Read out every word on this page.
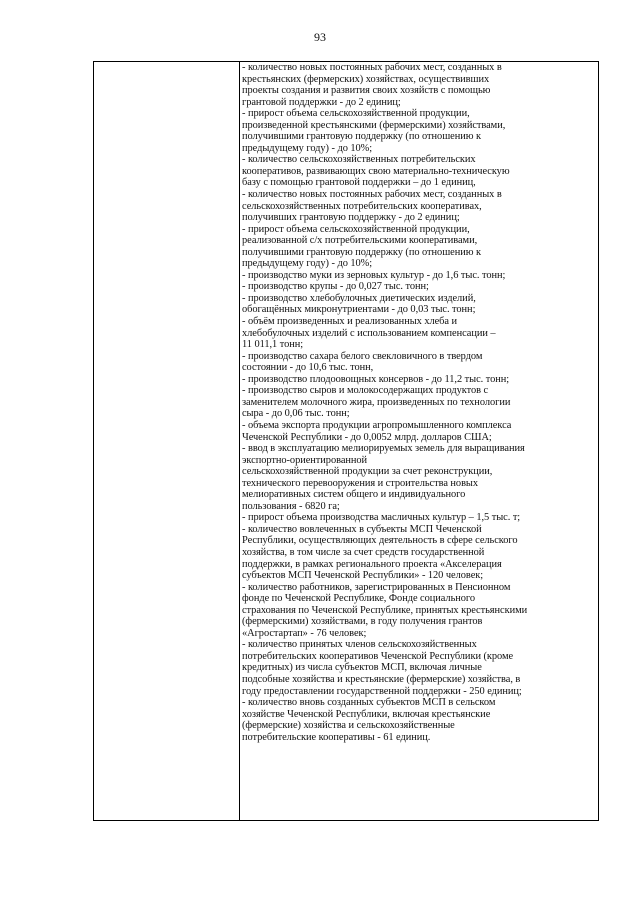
93
- количество новых постоянных рабочих мест, созданных в
крестьянских (фермерских) хозяйствах, осуществивших
проекты создания и развития своих хозяйств с помощью
грантовой поддержки - до 2 единиц;
- прирост объема сельскохозяйственной продукции,
произведенной крестьянскими (фермерскими) хозяйствами,
получившими грантовую поддержку (по отношению к
предыдущему году) - до 10%;
- количество сельскохозяйственных потребительских
кооперативов, развивающих свою материально-техническую
базу с помощью грантовой поддержки – до 1 единиц,
- количество новых постоянных рабочих мест, созданных в
сельскохозяйственных потребительских кооперативах,
получивших грантовую поддержку - до 2 единиц;
- прирост объема сельскохозяйственной продукции,
реализованной с/х потребительскими кооперативами,
получившими грантовую поддержку (по отношению к
предыдущему году) - до 10%;
- производство муки из зерновых культур - до 1,6 тыс. тонн;
- производство крупы - до 0,027 тыс. тонн;
- производство хлебобулочных диетических изделий,
обогащённых микронутриентами - до 0,03 тыс. тонн;
- объём произведенных и реализованных хлеба и
хлебобулочных изделий с использованием компенсации –
11 011,1 тонн;
- производство сахара белого свекловичного в твердом
состоянии - до 10,6 тыс. тонн,
- производство плодоовощных консервов - до 11,2 тыс. тонн;
- производство сыров и молокосодержащих продуктов с
заменителем молочного жира, произведенных по технологии
сыра - до 0,06 тыс. тонн;
- объема экспорта продукции агропромышленного комплекса
Чеченской Республики - до 0,0052 млрд. долларов США;
- ввод в эксплуатацию мелиорируемых земель для выращивания
экспортно-ориентированной
сельскохозяйственной продукции за счет реконструкции,
технического перевооружения и строительства новых
мелиоративных систем общего и индивидуального
пользования - 6820 га;
- прирост объема производства масличных культур – 1,5 тыс. т;
- количество вовлеченных в субъекты МСП Чеченской
Республики, осуществляющих деятельность в сфере сельского
хозяйства, в том числе за счет средств государственной
поддержки, в рамках регионального проекта «Акселерация
субъектов МСП Чеченской Республики» - 120 человек;
- количество работников, зарегистрированных в Пенсионном
фонде по Чеченской Республике, Фонде социального
страхования по Чеченской Республике, принятых крестьянскими
(фермерскими) хозяйствами, в году получения грантов
«Агростартап» - 76 человек;
- количество принятых членов сельскохозяйственных
потребительских кооперативов Чеченской Республики (кроме
кредитных) из числа субъектов МСП, включая личные
подсобные хозяйства и крестьянские (фермерские) хозяйства, в
году предоставлении государственной поддержки - 250 единиц;
- количество вновь созданных субъектов МСП в сельском
хозяйстве Чеченской Республики, включая крестьянские
(фермерские) хозяйства и сельскохозяйственные
потребительские кооперативы - 61 единиц.
